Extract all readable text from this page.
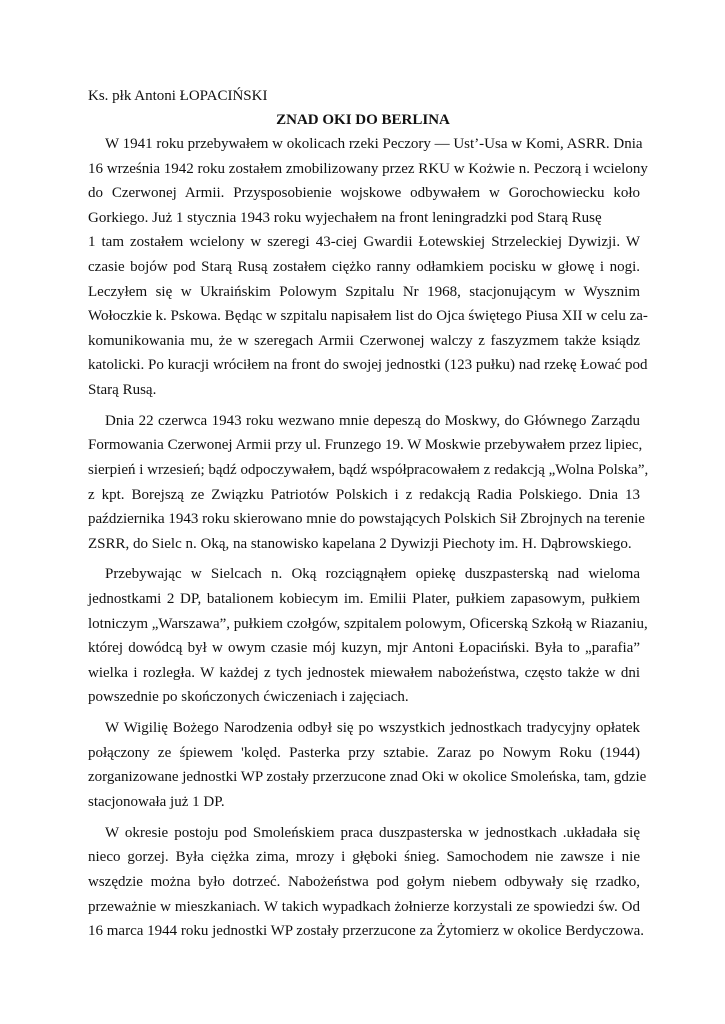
Ks. płk Antoni ŁOPACIŃSKI
ZNAD OKI DO BERLINA
W 1941 roku przebywałem w okolicach rzeki Peczory — Ust’-Usa w Komi, ASRR. Dnia
16 września 1942 roku zostałem zmobilizowany przez RKU w Kożwie n. Peczorą i wcielony
do Czerwonej Armii. Przysposobienie wojskowe odbywałem w Gorochowiecku koło
Gorkiego. Już 1 stycznia 1943 roku wyjechałem na front leningradzki pod Starą Rusę
1 tam zostałem wcielony w szeregi 43-ciej Gwardii Łotewskiej Strzeleckiej Dywizji. W
czasie bojów pod Starą Rusą zostałem ciężko ranny odłamkiem pocisku w głowę i nogi.
Leczyłem się w Ukraińskim Polowym Szpitalu Nr 1968, stacjonującym w Wysznim
Wołoczkie k. Pskowa. Będąc w szpitalu napisałem list do Ojca świętego Piusa XII w celu za-
komunikowania mu, że w szeregach Armii Czerwonej walczy z faszyzmem także ksiądz
katolicki. Po kuracji wróciłem na front do swojej jednostki (123 pułku) nad rzekę Łować pod
Starą Rusą.
Dnia 22 czerwca 1943 roku wezwano mnie depeszą do Moskwy, do Głównego Zarządu
Formowania Czerwonej Armii przy ul. Frunzego 19. W Moskwie przebywałem przez lipiec,
sierpień i wrzesień; bądź odpoczywałem, bądź współpracowałem z redakcją „Wolna Polska”,
z kpt. Borejszą ze Związku Patriotów Polskich i z redakcją Radia Polskiego. Dnia 13
października 1943 roku skierowano mnie do powstających Polskich Sił Zbrojnych na terenie
ZSRR, do Sielc n. Oką, na stanowisko kapelana 2 Dywizji Piechoty im. H. Dąbrowskiego.
Przebywając w Sielcach n. Oką rozciągnąłem opiekę duszpasterską nad wieloma
jednostkami 2 DP, batalionem kobiecym im. Emilii Plater, pułkiem zapasowym, pułkiem
lotniczym „Warszawa”, pułkiem czołgów, szpitalem polowym, Oficerską Szkołą w Riazaniu,
której dowódcą był w owym czasie mój kuzyn, mjr Antoni Łopaciński. Była to „parafia”
wielka i rozległa. W każdej z tych jednostek miewałem nabożeństwa, często także w dni
powszednie po skończonych ćwiczeniach i zajęciach.
W Wigilię Bożego Narodzenia odbył się po wszystkich jednostkach tradycyjny opłatek
połączony ze śpiewem 'kolęd. Pasterka przy sztabie. Zaraz po Nowym Roku (1944)
zorganizowane jednostki WP zostały przerzucone znad Oki w okolice Smoleńska, tam, gdzie
stacjonowała już 1 DP.
W okresie postoju pod Smoleńskiem praca duszpasterska w jednostkach .układała się
nieco gorzej. Była ciężka zima, mrozy i głęboki śnieg. Samochodem nie zawsze i nie
wszędzie można było dotrzeć. Nabożeństwa pod gołym niebem odbywały się rzadko,
przeważnie w mieszkaniach. W takich wypadkach żołnierze korzystali ze spowiedzi św. Od
16 marca 1944 roku jednostki WP zostały przerzucone za Żytomierz w okolice Berdyczowa.
